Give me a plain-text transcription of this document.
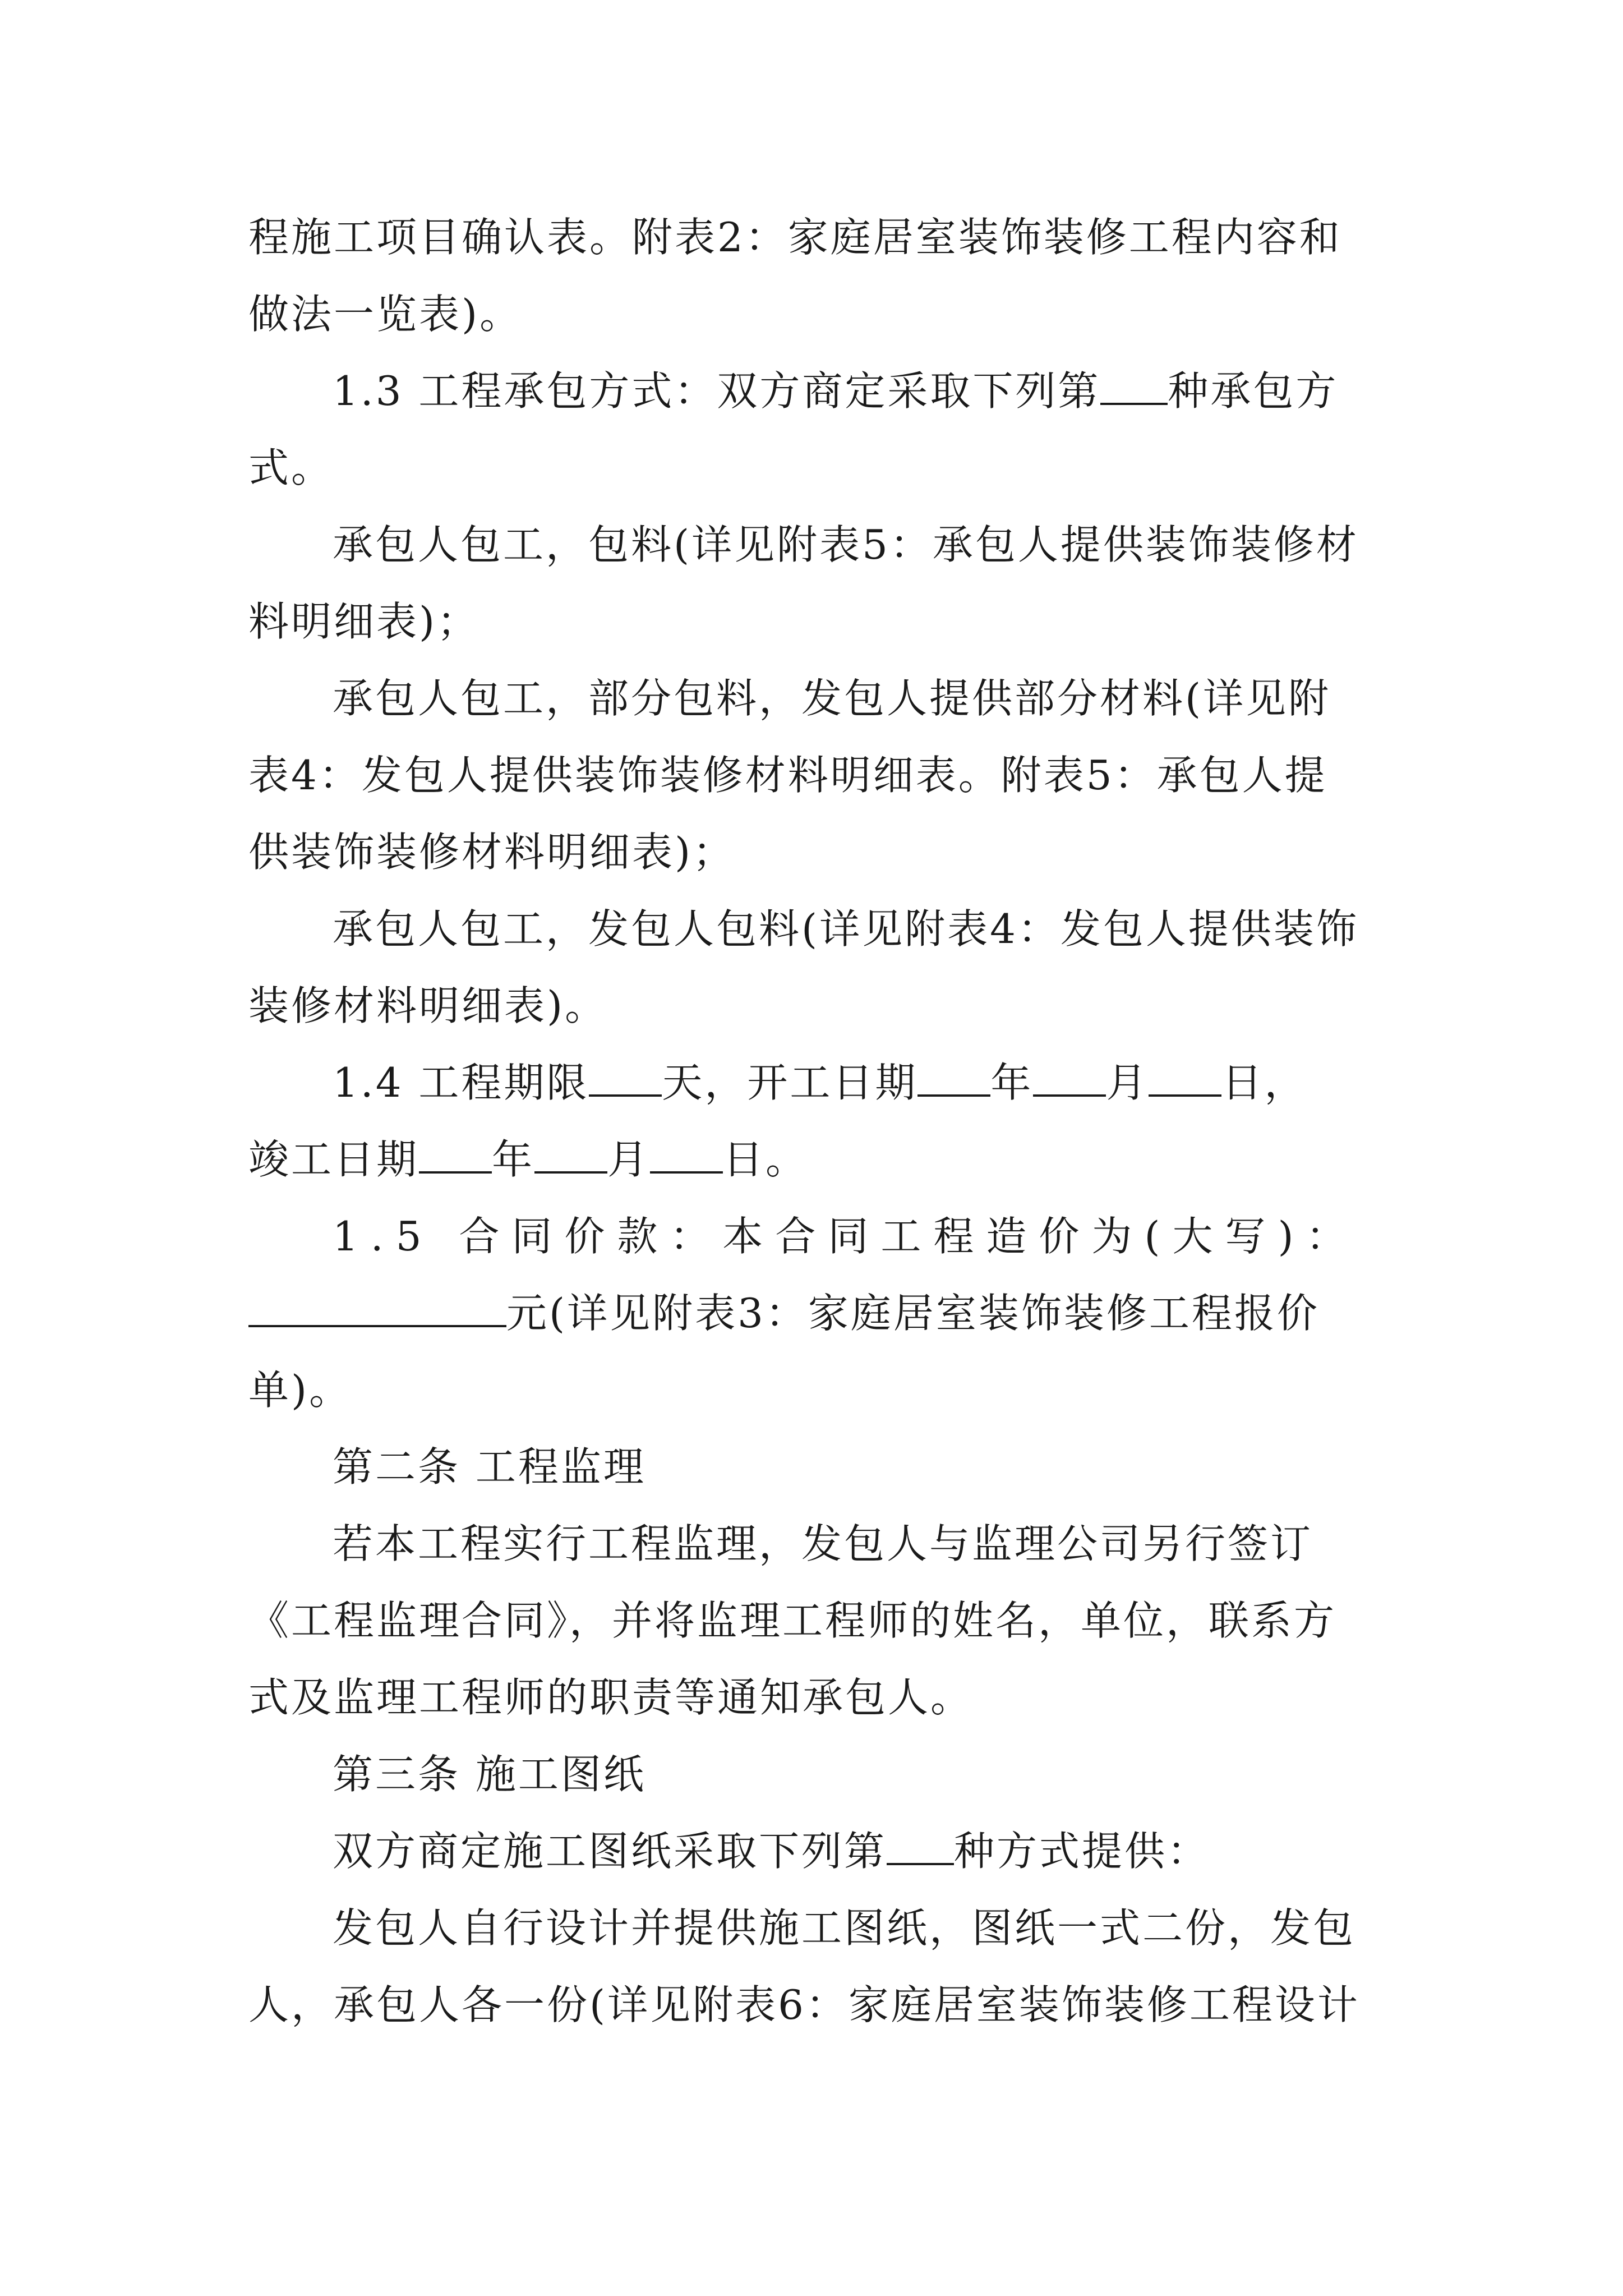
程施工项目确认表。附表2：家庭居室装饰装修工程内容和
做法一览表)。
1.3 工程承包方式：双方商定采取下列第 种承包方
式。
承包人包工，包料(详见附表5：承包人提供装饰装修材
料明细表)；
承包人包工，部分包料，发包人提供部分材料(详见附
表4：发包人提供装饰装修材料明细表。附表5：承包人提
供装饰装修材料明细表)；
承包人包工，发包人包料(详见附表4：发包人提供装饰
装修材料明细表)。
1.4 工程期限 天，开工日期 年 月 日，
竣工日期 年 月 日。
1.5 合同价款：本合同工程造价为(大写)：
元(详见附表3：家庭居室装饰装修工程报价
单)。
第二条 工程监理
若本工程实行工程监理，发包人与监理公司另行签订
《工程监理合同》，并将监理工程师的姓名，单位，联系方
式及监理工程师的职责等通知承包人。
第三条 施工图纸
双方商定施工图纸采取下列第 种方式提供：
发包人自行设计并提供施工图纸，图纸一式二份，发包
人，承包人各一份(详见附表6：家庭居室装饰装修工程设计
